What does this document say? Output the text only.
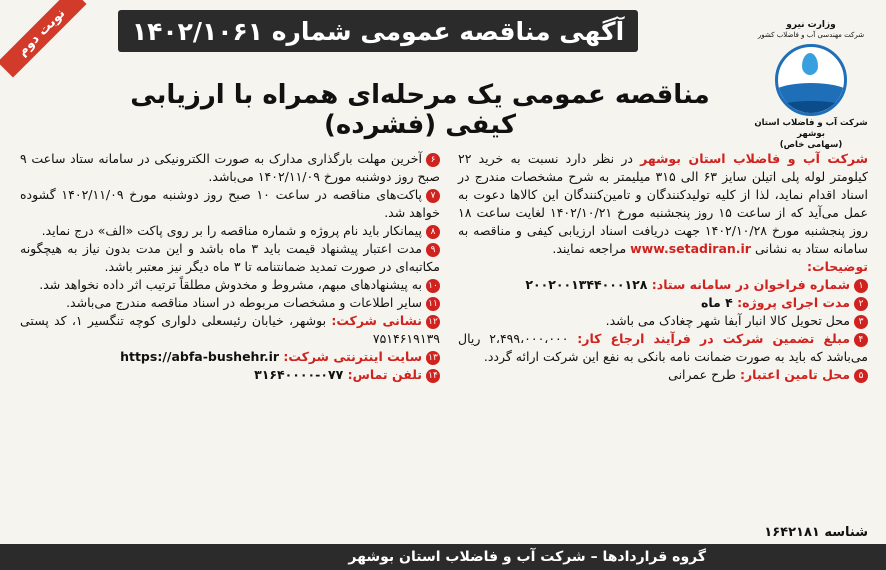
نوبت دوم	وزارت نیرو
شرکت مهندسی آب و فاضلاب کشور
شرکت آب و فاضلاب استان بوشهر
(سهامی خاص)
آگهی مناقصه عمومی شماره ۱۴۰۲/۱۰۶۱
مناقصه عمومی یک مرحله‌ای همراه با ارزیابی کیفی (فشرده)

شرکت آب و فاضلاب استان بوشهر در نظر دارد نسبت به خرید ۲۲ کیلومتر لوله پلی اتیلن سایز ۶۳ الی ۳۱۵ میلیمتر به شرح مشخصات مندرج در اسناد اقدام نماید، لذا از کلیه تولیدکنندگان و تامین‌کنندگان این کالاها دعوت به عمل می‌آید که از ساعت ۱۵ روز پنجشنبه مورخ ۱۴۰۲/۱۰/۲۱ لغایت ساعت ۱۸ روز پنجشنبه مورخ ۱۴۰۲/۱۰/۲۸ جهت دریافت اسناد ارزیابی کیفی و مناقصه به سامانه ستاد به نشانی www.setadiran.ir مراجعه نمایند.

توضیحات:

۱شماره فراخوان در سامانه ستاد: ۲۰۰۲۰۰۱۳۴۴۰۰۰۱۲۸

۲مدت اجرای پروژه: ۴ ماه

۳محل تحویل کالا انبار آبفا شهر چغادک می باشد.

۴مبلغ تضمین شرکت در فرآیند ارجاع کار: ۲،۴۹۹،۰۰۰،۰۰۰ ریال می‌باشد که باید به صورت ضمانت نامه بانکی به نفع این شرکت ارائه گردد.

۵محل تامین اعتبار: طرح عمرانی

۶آخرین مهلت بارگذاری مدارک به صورت الکترونیکی در سامانه ستاد ساعت ۹ صبح روز دوشنبه مورخ ۱۴۰۲/۱۱/۰۹ می‌باشد.

۷پاکت‌های مناقصه در ساعت ۱۰ صبح روز دوشنبه مورخ ۱۴۰۲/۱۱/۰۹ گشوده خواهد شد.

۸پیمانکار باید نام پروژه و شماره مناقصه را بر روی پاکت «الف» درج نماید.

۹مدت اعتبار پیشنهاد قیمت باید ۳ ماه باشد و این مدت بدون نیاز به هیچگونه مکاتبه‌ای در صورت تمدید ضمانتنامه تا ۳ ماه دیگر نیز معتبر باشد.

۱۰به پیشنهادهای مبهم، مشروط و مخدوش مطلقاً ترتیب اثر داده نخواهد شد.

۱۱سایر اطلاعات و مشخصات مربوطه در اسناد مناقصه مندرج می‌باشد.

۱۲نشانی شرکت: بوشهر، خیابان رئیسعلی دلواری کوچه تنگسیر ۱، کد پستی ۷۵۱۴۶۱۹۱۳۹

۱۳سایت اینترنتی شرکت: https://abfa-bushehr.ir

۱۴تلفن تماس: ۰۷۷-۳۱۶۴۰۰۰۰

شناسه ۱۶۴۲۱۸۱
گروه قراردادها – شرکت آب و فاضلاب استان بوشهر
